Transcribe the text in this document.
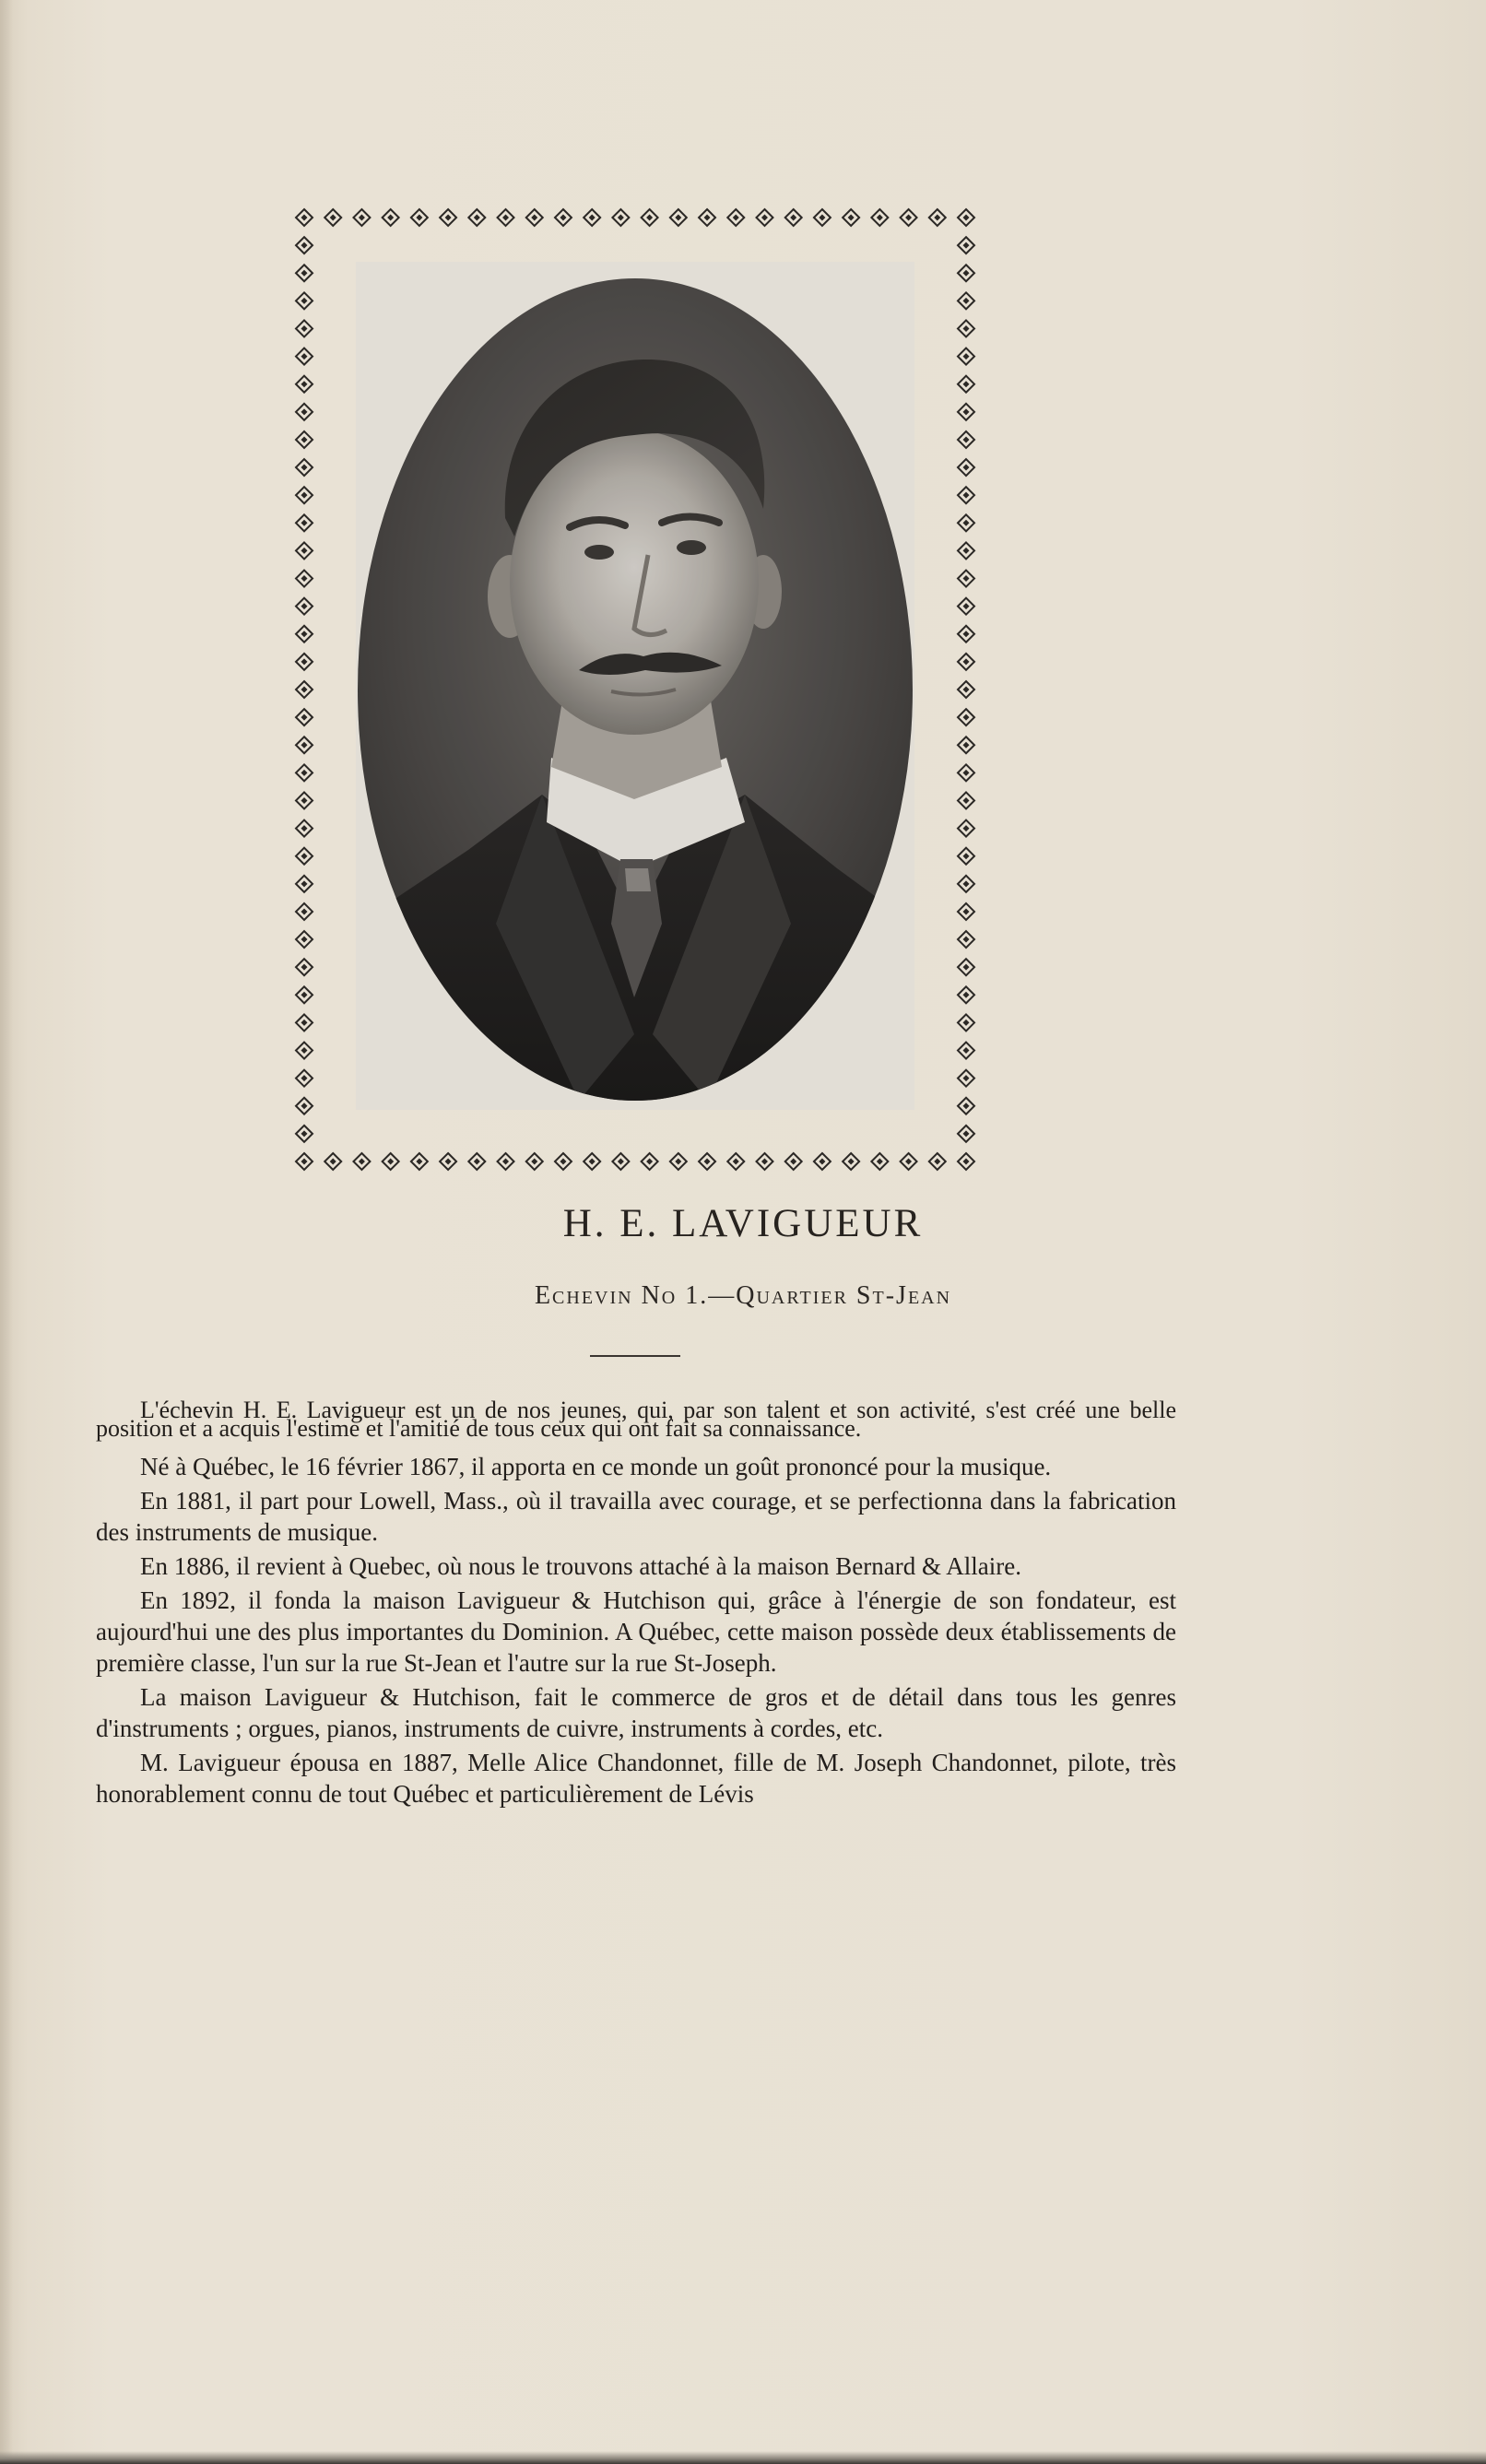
H. E. LAVIGUEUR
Echevin No 1.—Quartier St-Jean

L'échevin H. E. Lavigueur est un de nos jeunes, qui, par son talent et son activité, s'est créé une belle position et a acquis l'estime et l'amitié de tous ceux qui ont fait sa connaissance.

Né à Québec, le 16 février 1867, il apporta en ce monde un goût prononcé pour la musique.

En 1881, il part pour Lowell, Mass., où il travailla avec courage, et se perfectionna dans la fabrication des instruments de musique.

En 1886, il revient à Quebec, où nous le trouvons attaché à la maison Bernard & Allaire.

En 1892, il fonda la maison Lavigueur & Hutchison qui, grâce à l'énergie de son fondateur, est aujourd'hui une des plus importantes du Dominion. A Québec, cette maison possède deux établissements de première classe, l'un sur la rue St-Jean et l'autre sur la rue St-Joseph.

La maison Lavigueur & Hutchison, fait le commerce de gros et de détail dans tous les genres d'instruments ; orgues, pianos, instruments de cuivre, instruments à cordes, etc.

M. Lavigueur épousa en 1887, Melle Alice Chandonnet, fille de M. Joseph Chandonnet, pilote, très honorablement connu de tout Québec et particulièrement de Lévis
